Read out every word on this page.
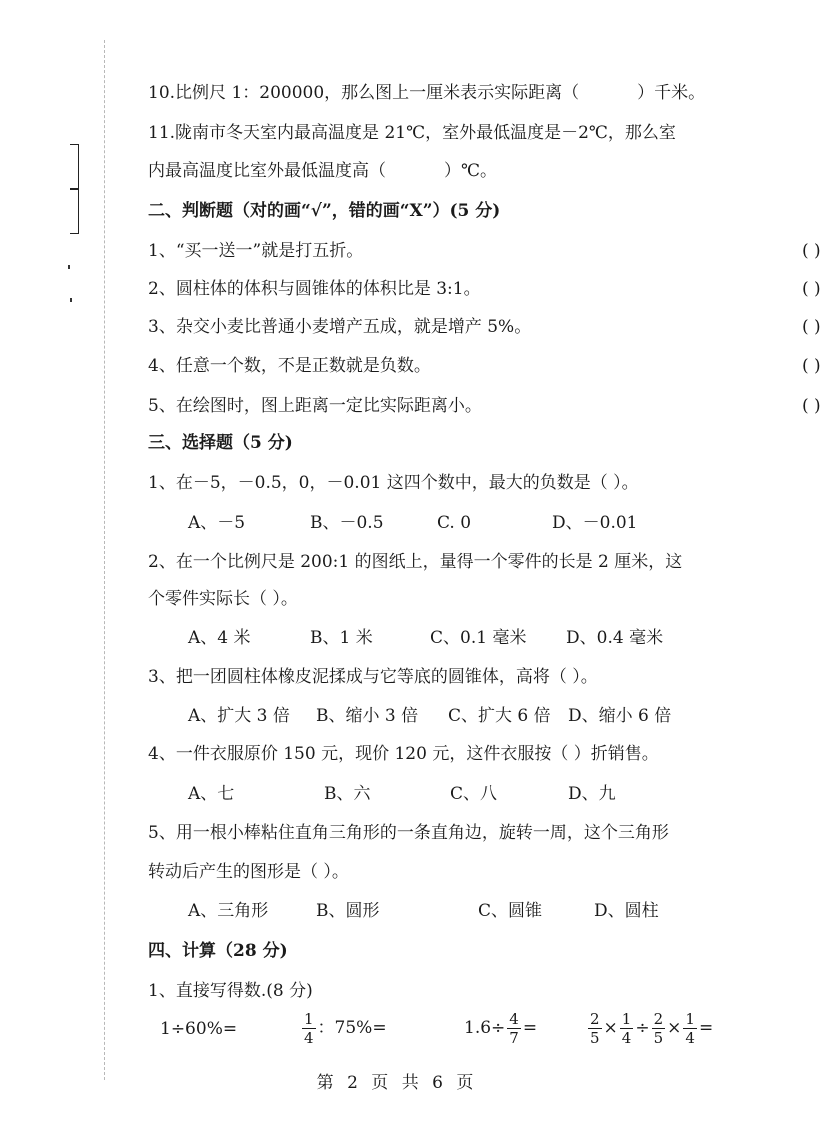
10.比例尺 1：200000，那么图上一厘米表示实际距离（	）千米。
11.陇南市冬天室内最高温度是 21℃，室外最低温度是－2℃，那么室
内最高温度比室外最低温度高（	）℃。
二、判断题（对的画“√”，错的画“X”）(5 分)
1、“买一送一”就是打五折。	( )
2、圆柱体的体积与圆锥体的体积比是 3:1。	( )
3、杂交小麦比普通小麦增产五成，就是增产 5%。	( )
4、任意一个数，不是正数就是负数。	( )
5、在绘图时，图上距离一定比实际距离小。	( )
三、选择题（5 分)
1、在－5，－0.5，0，－0.01 这四个数中，最大的负数是（ ）。
A、－5	B、－0.5	C. 0	D、－0.01
2、在一个比例尺是 200:1 的图纸上，量得一个零件的长是 2 厘米，这
个零件实际长（ ）。
A、4 米	B、1 米	C、0.1 毫米 D、0.4 毫米
3、把一团圆柱体橡皮泥揉成与它等底的圆锥体，高将（ ）。
A、扩大 3 倍 B、缩小 3 倍 C、扩大 6 倍 D、缩小 6 倍
4、一件衣服原价 150 元，现价 120 元，这件衣服按（ ）折销售。
A、七	B、六	C、八	D、九
5、用一根小棒粘住直角三角形的一条直角边，旋转一周，这个三角形
转动后产生的图形是（ ）。
A、三角形	B、圆形	C、圆锥	D、圆柱
四、计算（28 分)
1、直接写得数.(8 分)
1÷60%=	$\frac{1}{4}$ ：75%=	$1.6\div \frac{4}{7}$ =	$\frac{2}{5} \times \frac{1}{4} \div \frac{2}{5} \times \frac{1}{4}$ =
第 2 页 共 6 页
